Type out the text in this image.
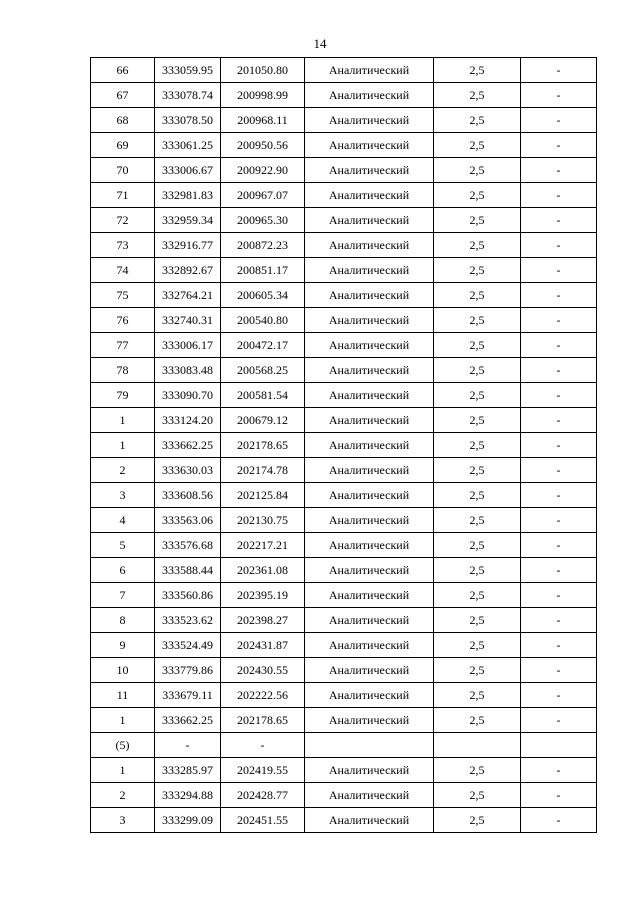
14
66	333059.95	201050.80	Аналитический	2,5	-
67	333078.74	200998.99	Аналитический	2,5	-
68	333078.50	200968.11	Аналитический	2,5	-
69	333061.25	200950.56	Аналитический	2,5	-
70	333006.67	200922.90	Аналитический	2,5	-
71	332981.83	200967.07	Аналитический	2,5	-
72	332959.34	200965.30	Аналитический	2,5	-
73	332916.77	200872.23	Аналитический	2,5	-
74	332892.67	200851.17	Аналитический	2,5	-
75	332764.21	200605.34	Аналитический	2,5	-
76	332740.31	200540.80	Аналитический	2,5	-
77	333006.17	200472.17	Аналитический	2,5	-
78	333083.48	200568.25	Аналитический	2,5	-
79	333090.70	200581.54	Аналитический	2,5	-
1	333124.20	200679.12	Аналитический	2,5	-
1	333662.25	202178.65	Аналитический	2,5	-
2	333630.03	202174.78	Аналитический	2,5	-
3	333608.56	202125.84	Аналитический	2,5	-
4	333563.06	202130.75	Аналитический	2,5	-
5	333576.68	202217.21	Аналитический	2,5	-
6	333588.44	202361.08	Аналитический	2,5	-
7	333560.86	202395.19	Аналитический	2,5	-
8	333523.62	202398.27	Аналитический	2,5	-
9	333524.49	202431.87	Аналитический	2,5	-
10	333779.86	202430.55	Аналитический	2,5	-
11	333679.11	202222.56	Аналитический	2,5	-
1	333662.25	202178.65	Аналитический	2,5	-
(5)	-	-			
1	333285.97	202419.55	Аналитический	2,5	-
2	333294.88	202428.77	Аналитический	2,5	-
3	333299.09	202451.55	Аналитический	2,5	-
